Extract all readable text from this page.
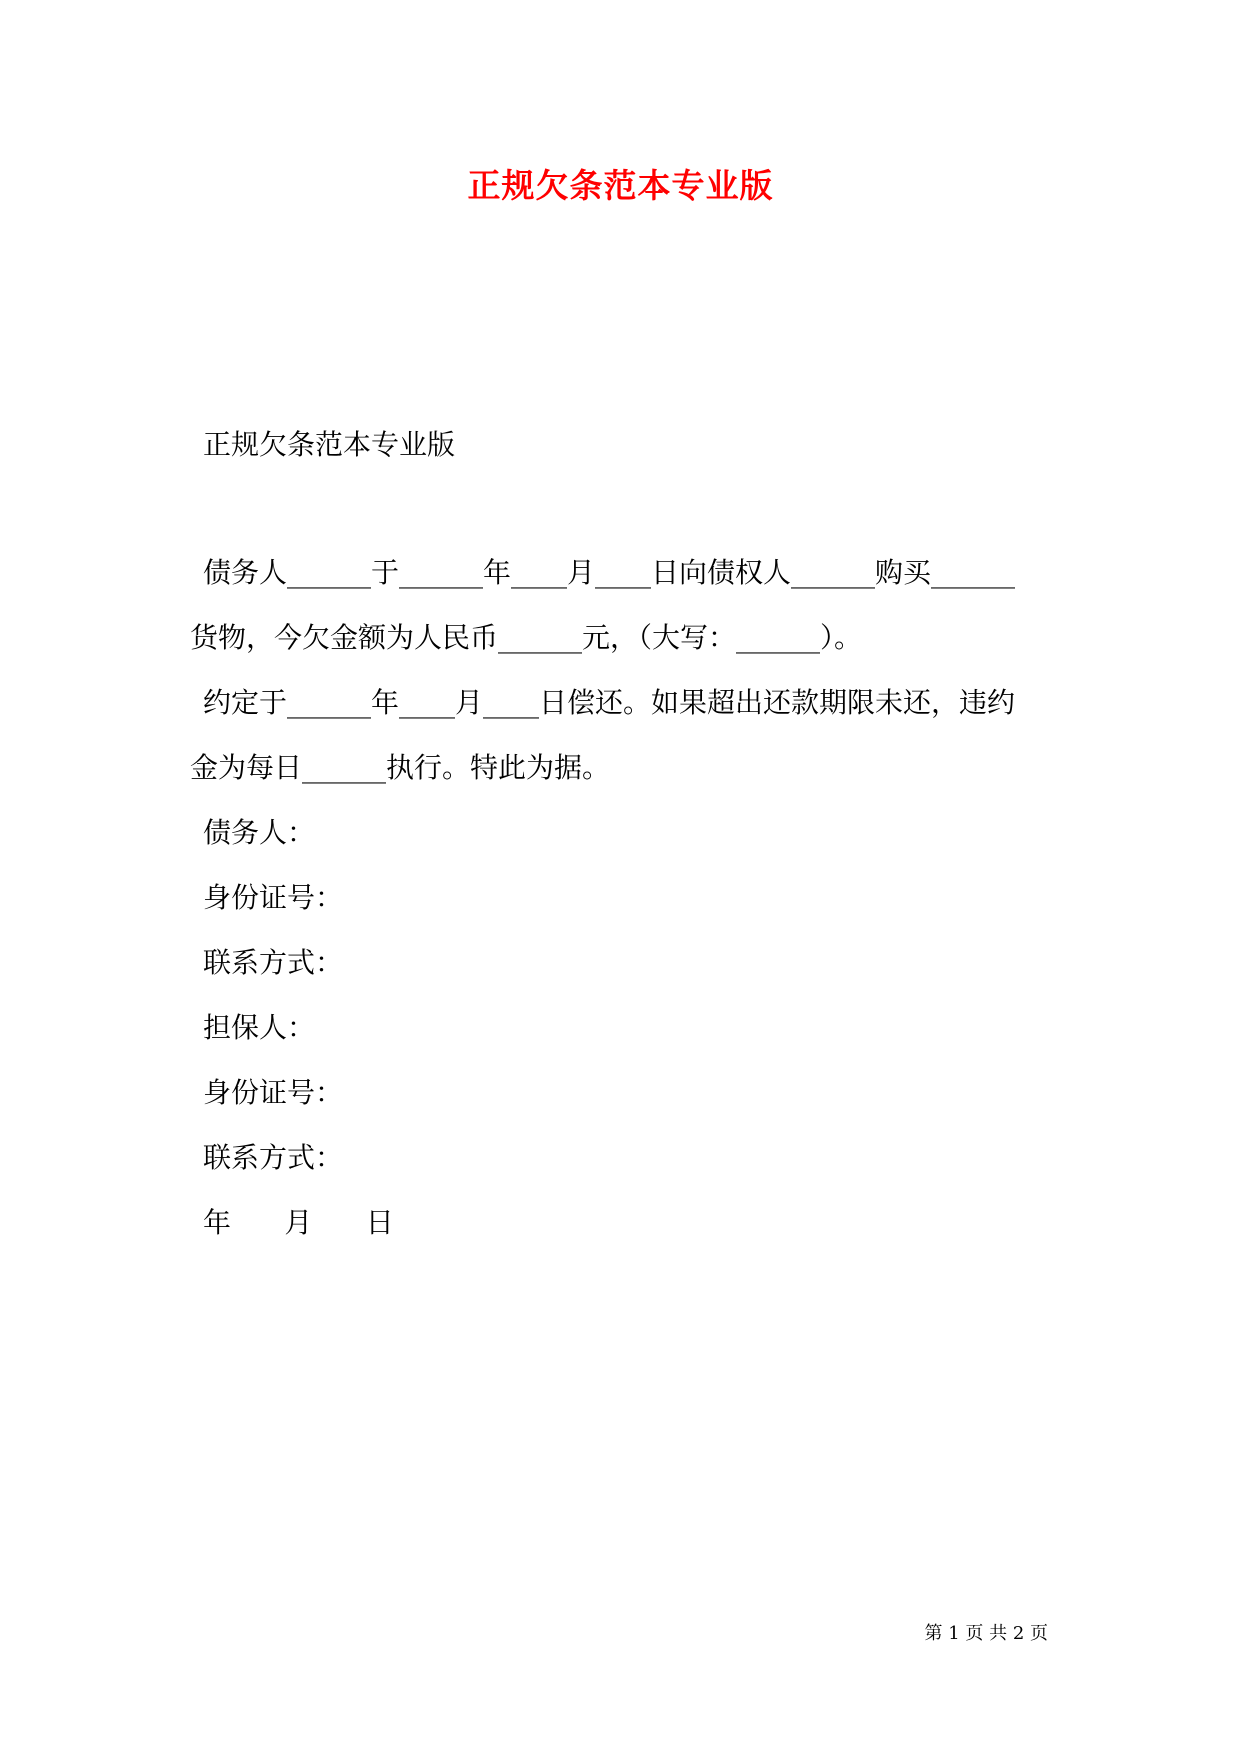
正规欠条范本专业版
正规欠条范本专业版

债务人______于______年____月____日向债权人______购买______

货物，今欠金额为人民币______元，（大写：______）。

约定于______年____月____日偿还。如果超出还款期限未还，违约

金为每日______执行。特此为据。

债务人：

身份证号：

联系方式：

担保人：

身份证号：

联系方式：

年      月      日

第 1 页 共 2 页
